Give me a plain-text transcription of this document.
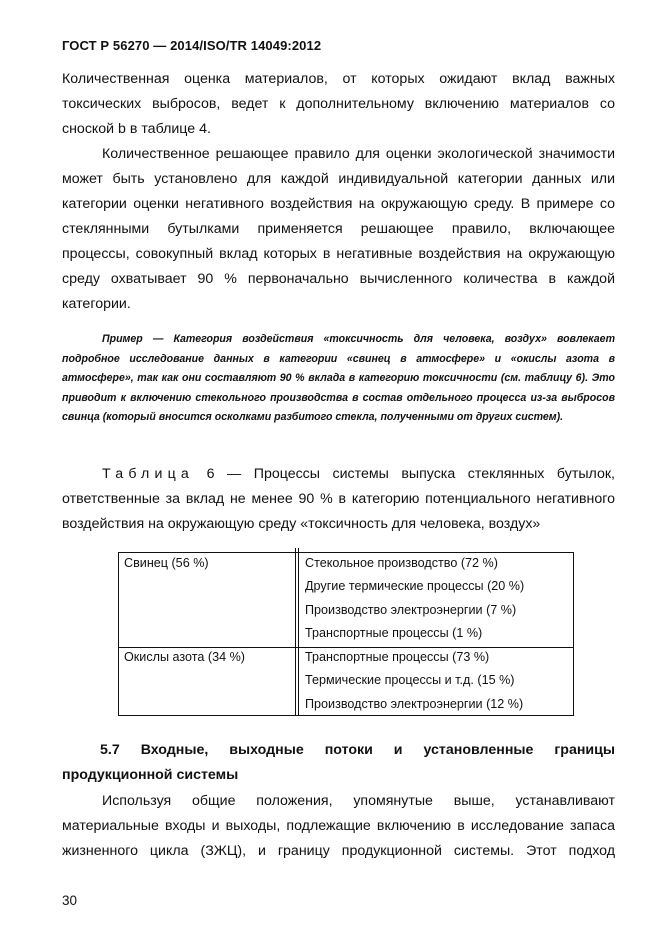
ГОСТ Р 56270 — 2014/ISO/TR 14049:2012
Количественная оценка материалов, от которых ожидают вклад важных токсических выбросов, ведет к дополнительному включению материалов со сноской b в таблице 4.
Количественное решающее правило для оценки экологической значимости может быть установлено для каждой индивидуальной категории данных или категории оценки негативного воздействия на окружающую среду. В примере со стеклянными бутылками применяется решающее правило, включающее процессы, совокупный вклад которых в негативные воздействия на окружающую среду охватывает 90 % первоначально вычисленного количества в каждой категории.
Пример — Категория воздействия «токсичность для человека, воздух» вовлекает подробное исследование данных в категории «свинец в атмосфере» и «окислы азота в атмосфере», так как они составляют 90 % вклада в категорию токсичности (см. таблицу 6). Это приводит к включению стекольного производства в состав отдельного процесса из-за выбросов свинца (который вносится осколками разбитого стекла, полученными от других систем).
Таблица 6 — Процессы системы выпуска стеклянных бутылок, ответственные за вклад не менее 90 % в категорию потенциального негативного воздействия на окружающую среду «токсичность для человека, воздух»
Свинец (56 %)	Стекольное производство (72 %)
Другие термические процессы (20 %)
Производство электроэнергии (7 %)
Транспортные процессы (1 %)
Окислы азота (34 %)	Транспортные процессы (73 %)
Термические процессы и т.д. (15 %)
Производство электроэнергии (12 %)
5.7 Входные, выходные потоки и установленные границы
продукционной системы
Используя общие положения, упомянутые выше, устанавливают материальные входы и выходы, подлежащие включению в исследование запаса жизненного цикла (ЗЖЦ), и границу продукционной системы. Этот подход
30
